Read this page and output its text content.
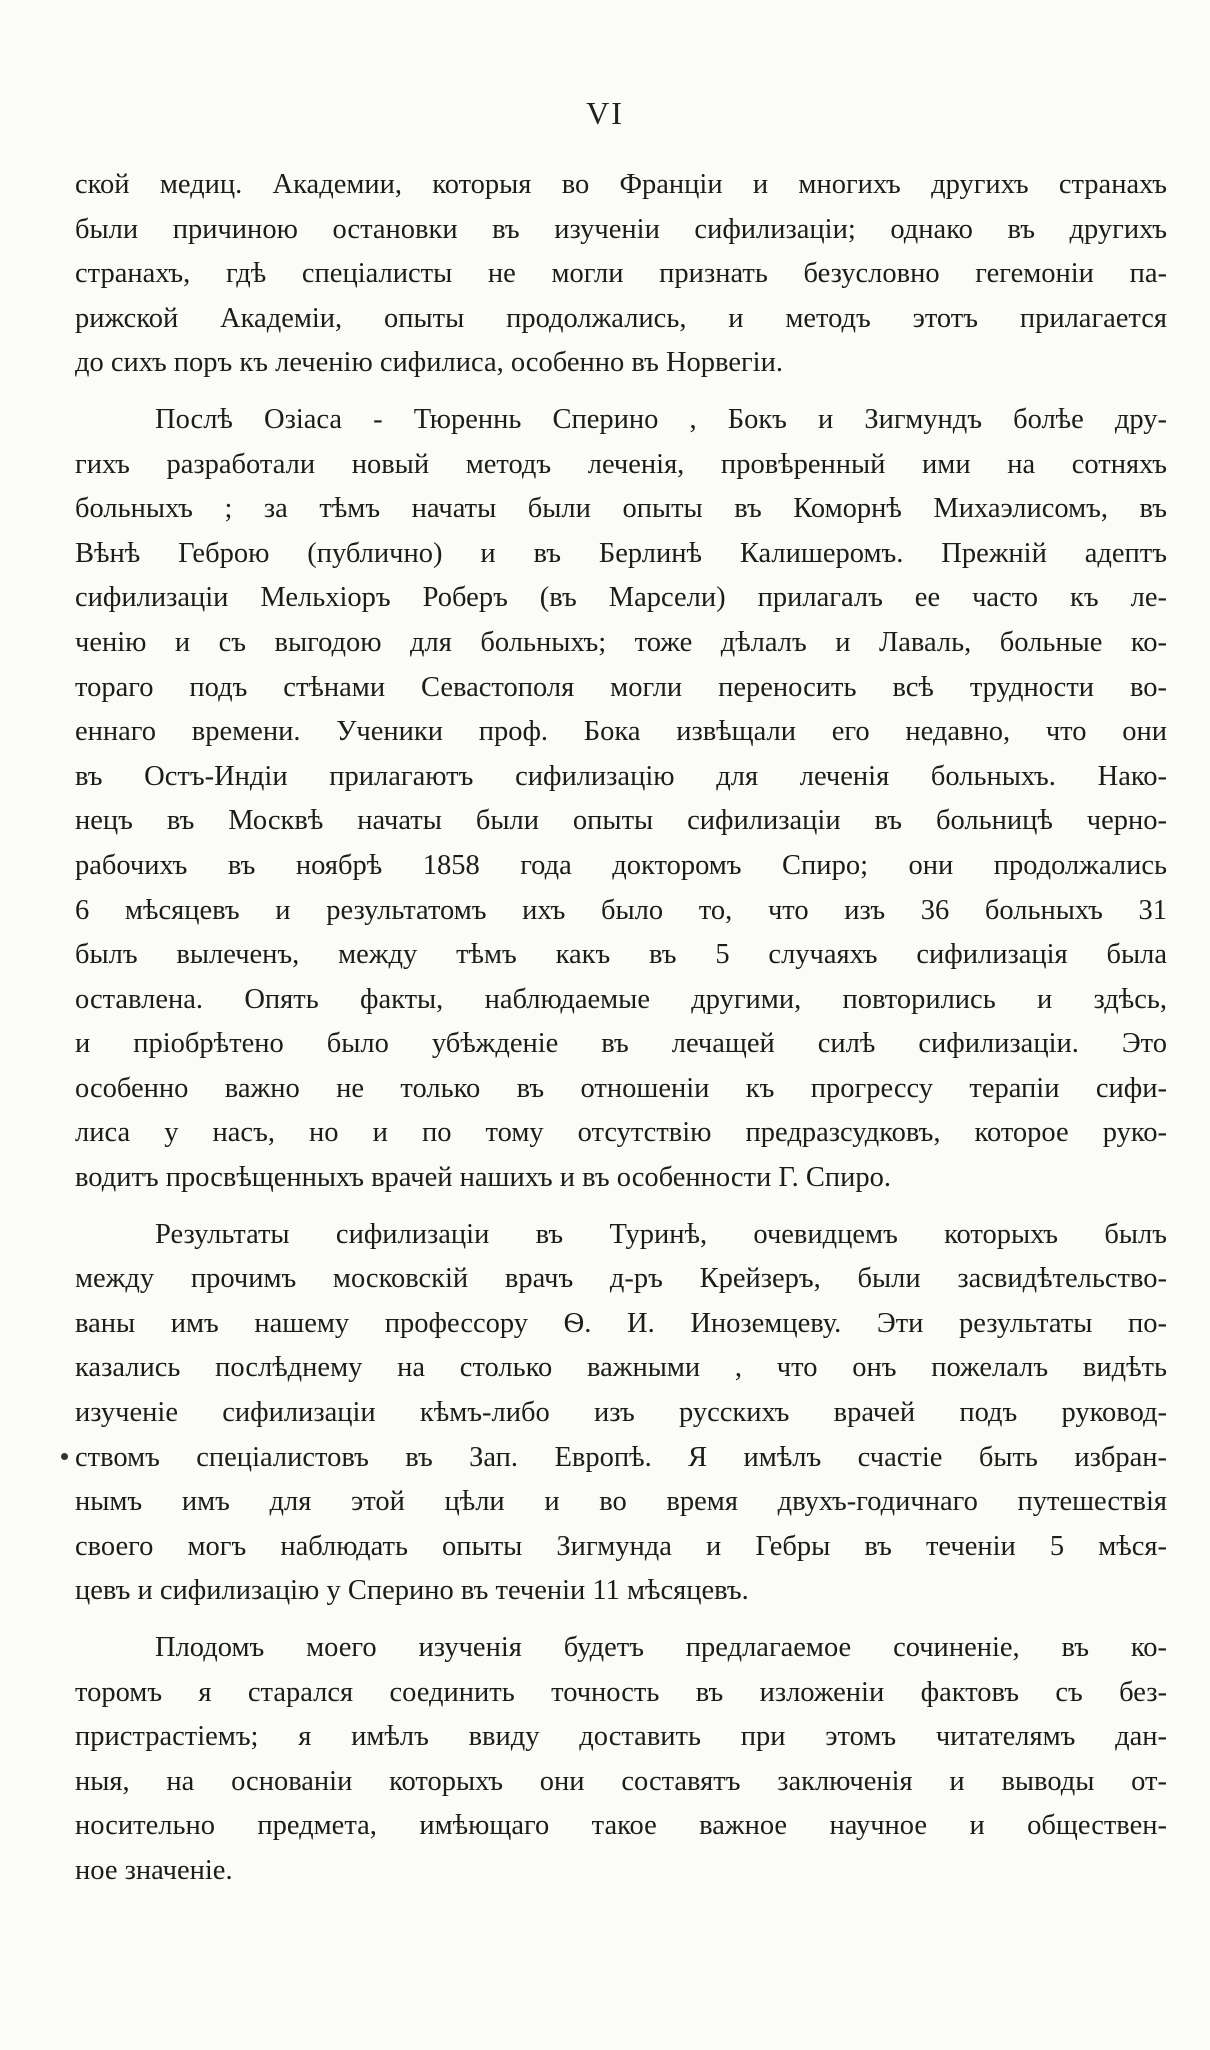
VI
ской медиц. Академии, которыя во Франціи и многихъ другихъ странахъ
были причиною остановки въ изученіи сифилизаціи; однако въ другихъ
странахъ, гдѣ спеціалисты не могли признать безусловно гегемоніи па-
рижской Академіи, опыты продолжались, и методъ этотъ прилагается
до сихъ поръ къ леченію сифилиса, особенно въ Норвегіи.
Послѣ Озіаса - Тюреннь Сперино , Бокъ и Зигмундъ болѣе дру-
гихъ разработали новый методъ леченія, провѣренный ими на сотняхъ
больныхъ ; за тѣмъ начаты были опыты въ Коморнѣ Михаэлисомъ, въ
Вѣнѣ Геброю (публично) и въ Берлинѣ Калишеромъ. Прежній адептъ
сифилизаціи Мельхіоръ Роберъ (въ Марсели) прилагалъ ее часто къ ле-
ченію и съ выгодою для больныхъ; тоже дѣлалъ и Лаваль, больные ко-
тораго подъ стѣнами Севастополя могли переносить всѣ трудности во-
еннаго времени. Ученики проф. Бока извѣщали его недавно, что они
въ Остъ-Индіи прилагаютъ сифилизацію для леченія больныхъ. Нако-
нецъ въ Москвѣ начаты были опыты сифилизаціи въ больницѣ черно-
рабочихъ въ ноябрѣ 1858 года докторомъ Спиро; они продолжались
6 мѣсяцевъ и результатомъ ихъ было то, что изъ 36 больныхъ 31
былъ вылеченъ, между тѣмъ какъ въ 5 случаяхъ сифилизація была
оставлена. Опять факты, наблюдаемые другими, повторились и здѣсь,
и пріобрѣтено было убѣжденіе въ лечащей силѣ сифилизаціи. Это
особенно важно не только въ отношеніи къ прогрессу терапіи сифи-
лиса у насъ, но и по тому отсутствію предразсудковъ, которое руко-
водитъ просвѣщенныхъ врачей нашихъ и въ особенности Г. Спиро.
Результаты сифилизаціи въ Туринѣ, очевидцемъ которыхъ былъ
между прочимъ московскій врачъ д-ръ Крейзеръ, были засвидѣтельство-
ваны имъ нашему профессору Ѳ. И. Иноземцеву. Эти результаты по-
казались послѣднему на столько важными , что онъ пожелалъ видѣть
изученіе сифилизаціи кѣмъ-либо изъ русскихъ врачей подъ руковод-
ствомъ спеціалистовъ въ Зап. Европѣ. Я имѣлъ счастіе быть избран-
нымъ имъ для этой цѣли и во время двухъ-годичнаго путешествія
своего могъ наблюдать опыты Зигмунда и Гебры въ теченіи 5 мѣся-
цевъ и сифилизацію у Сперино въ теченіи 11 мѣсяцевъ.
Плодомъ моего изученія будетъ предлагаемое сочиненіе, въ ко-
торомъ я старался соединить точность въ изложеніи фактовъ съ без-
пристрастіемъ; я имѣлъ ввиду доставить при этомъ читателямъ дан-
ныя, на основаніи которыхъ они составятъ заключенія и выводы от-
носительно предмета, имѣющаго такое важное научное и обществен-
ное значеніе.
